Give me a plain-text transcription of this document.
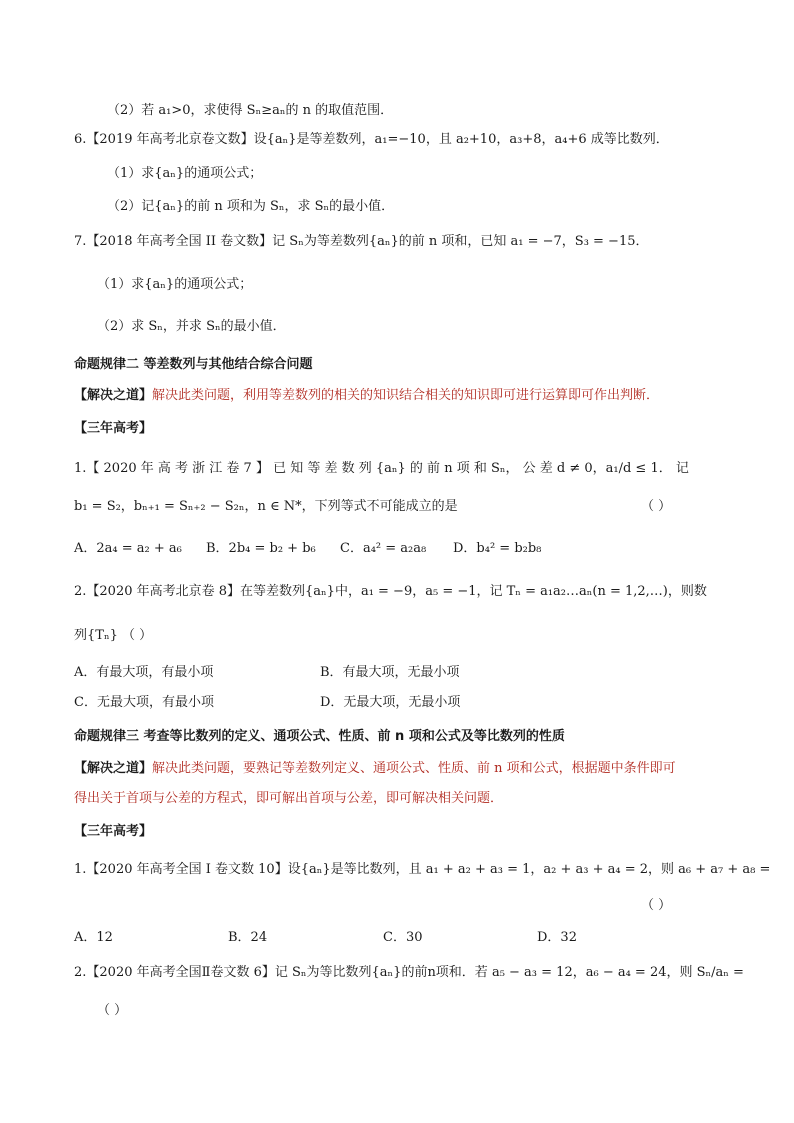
（2）若 a₁>0，求使得 Sₙ≥aₙ的 n 的取值范围．
6.【2019 年高考北京卷文数】设{aₙ}是等差数列，a₁=−10，且 a₂+10，a₃+8，a₄+6 成等比数列．
（1）求{aₙ}的通项公式；
（2）记{aₙ}的前 n 项和为 Sₙ，求 Sₙ的最小值．
7.【2018 年高考全国 II 卷文数】记 Sₙ为等差数列{aₙ}的前 n 项和，已知 a₁ = −7，S₃ = −15．
（1）求{aₙ}的通项公式；
（2）求 Sₙ，并求 Sₙ的最小值．
命题规律二 等差数列与其他结合综合问题
【解决之道】解决此类问题，利用等差数列的相关的知识结合相关的知识即可进行运算即可作出判断．
【三年高考】
1.【 2020 年 高 考 浙 江 卷 7 】 已 知 等 差 数 列 {aₙ} 的 前 n 项 和 Sₙ， 公 差 d ≠ 0，a₁/d ≤ 1． 记
b₁ = S₂，bₙ₊₁ = Sₙ₊₂ − S₂ₙ，n ∈ N*，下列等式不可能成立的是	（ ）
A．2a₄ = a₂ + a₆ B．2b₄ = b₂ + b₆ C．a₄² = a₂a₈ D．b₄² = b₂b₈
2.【2020 年高考北京卷 8】在等差数列{aₙ}中，a₁ = −9，a₅ = −1，记 Tₙ = a₁a₂…aₙ(n = 1,2,…)，则数
列{Tₙ} （ ）
A．有最大项，有最小项	B．有最大项，无最小项
C．无最大项，有最小项	D．无最大项，无最小项
命题规律三 考查等比数列的定义、通项公式、性质、前 n 项和公式及等比数列的性质
【解决之道】解决此类问题，要熟记等差数列定义、通项公式、性质、前 n 项和公式，根据题中条件即可
得出关于首项与公差的方程式，即可解出首项与公差，即可解决相关问题．
【三年高考】
1.【2020 年高考全国 I 卷文数 10】设{aₙ}是等比数列，且 a₁ + a₂ + a₃ = 1，a₂ + a₃ + a₄ = 2，则 a₆ + a₇ + a₈ =
（ ）
A．12	B．24	C．30	D．32
2.【2020 年高考全国Ⅱ卷文数 6】记 Sₙ为等比数列{aₙ}的前n项和．若 a₅ − a₃ = 12，a₆ − a₄ = 24，则 Sₙ/aₙ =
（ ）
